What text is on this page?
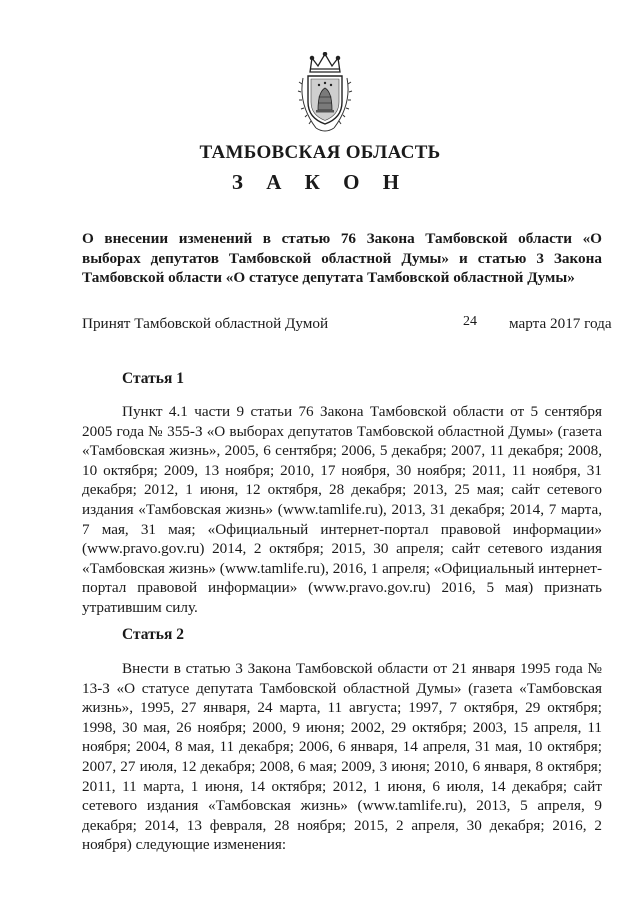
ТАМБОВСКАЯ ОБЛАСТЬ
З А К О Н
О внесении изменений в статью 76 Закона Тамбовской области «О выборах депутатов Тамбовской областной Думы» и статью 3 Закона Тамбовской области «О статусе депутата Тамбовской областной Думы»
Принят Тамбовской областной Думой	24 марта 2017 года
Статья 1

Пункт 4.1 части 9 статьи 76 Закона Тамбовской области от 5 сентября 2005 года № 355-З «О выборах депутатов Тамбовской областной Думы» (газета «Тамбовская жизнь», 2005, 6 сентября; 2006, 5 декабря; 2007, 11 декабря; 2008, 10 октября; 2009, 13 ноября; 2010, 17 ноября, 30 ноября; 2011, 11 ноября, 31 декабря; 2012, 1 июня, 12 октября, 28 декабря; 2013, 25 мая; сайт сетевого издания «Тамбовская жизнь» (www.tamlife.ru), 2013, 31 декабря; 2014, 7 марта, 7 мая, 31 мая; «Официальный интернет-портал правовой информации» (www.pravo.gov.ru) 2014, 2 октября; 2015, 30 апреля; сайт сетевого издания «Тамбовская жизнь» (www.tamlife.ru), 2016, 1 апреля; «Официальный интернет-портал правовой информации» (www.pravo.gov.ru) 2016, 5 мая) признать утратившим силу.

Статья 2

Внести в статью 3 Закона Тамбовской области от 21 января 1995 года № 13-З «О статусе депутата Тамбовской областной Думы» (газета «Тамбовская жизнь», 1995, 27 января, 24 марта, 11 августа; 1997, 7 октября, 29 октября; 1998, 30 мая, 26 ноября; 2000, 9 июня; 2002, 29 октября; 2003, 15 апреля, 11 ноября; 2004, 8 мая, 11 декабря; 2006, 6 января, 14 апреля, 31 мая, 10 октября; 2007, 27 июля, 12 декабря; 2008, 6 мая; 2009, 3 июня; 2010, 6 января, 8 октября; 2011, 11 марта, 1 июня, 14 октября; 2012, 1 июня, 6 июля, 14 декабря; сайт сетевого издания «Тамбовская жизнь» (www.tamlife.ru), 2013, 5 апреля, 9 декабря; 2014, 13 февраля, 28 ноября; 2015, 2 апреля, 30 декабря; 2016, 2 ноября) следующие изменения:
